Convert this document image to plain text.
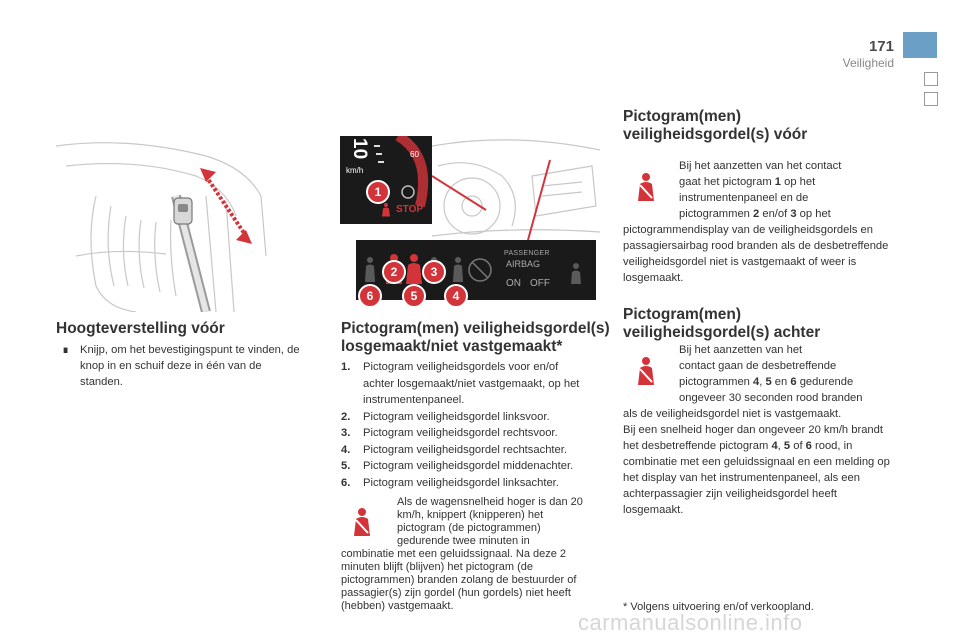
171
Veiligheid
Hoogteverstelling vóór
∎ Knijp, om het bevestigingspunt te vinden, de knop in en schuif deze in één van de standen.
10
km/h
60
1
STOP
PASSENGER
AIRBAG
ON OFF
2	3
4
5
6
Pictogram(men) veiligheidsgordel(s)
losgemaakt/niet vastgemaakt*
1.	Pictogram veiligheidsgordels voor en/of achter losgemaakt/niet vastgemaakt, op het instrumentenpaneel.
2.	Pictogram veiligheidsgordel linksvoor.
3.	Pictogram veiligheidsgordel rechtsvoor.
4.	Pictogram veiligheidsgordel rechtsachter.
5.	Pictogram veiligheidsgordel middenachter.
6.	Pictogram veiligheidsgordel linksachter.
Als de wagensnelheid hoger is dan 20 km/h, knippert (knipperen) het pictogram (de pictogrammen) gedurende twee minuten in
combinatie met een geluidssignaal. Na deze 2 minuten blijft (blijven) het pictogram (de pictogrammen) branden zolang de bestuurder of passagier(s) zijn gordel (hun gordels) niet heeft (hebben) vastgemaakt.
Pictogram(men)
veiligheidsgordel(s) vóór
Bij het aanzetten van het contact
gaat het pictogram 1 op het
instrumentenpaneel en de
pictogrammen 2 en/of 3 op het
pictogrammendisplay van de veiligheidsgordels en passagiersairbag rood branden als de desbetreffende veiligheidsgordel niet is vastgemaakt of weer is losgemaakt.
Pictogram(men)
veiligheidsgordel(s) achter
Bij het aanzetten van het
contact gaan de desbetreffende
pictogrammen 4, 5 en 6 gedurende
ongeveer 30 seconden rood branden
als de veiligheidsgordel niet is vastgemaakt.
Bij een snelheid hoger dan ongeveer 20 km/h brandt het desbetreffende pictogram 4, 5 of 6 rood, in combinatie met een geluidssignaal en een melding op het display van het instrumentenpaneel, als een achterpassagier zijn veiligheidsgordel heeft losgemaakt.
* Volgens uitvoering en/of verkoopland.
carmanualsonline.info
